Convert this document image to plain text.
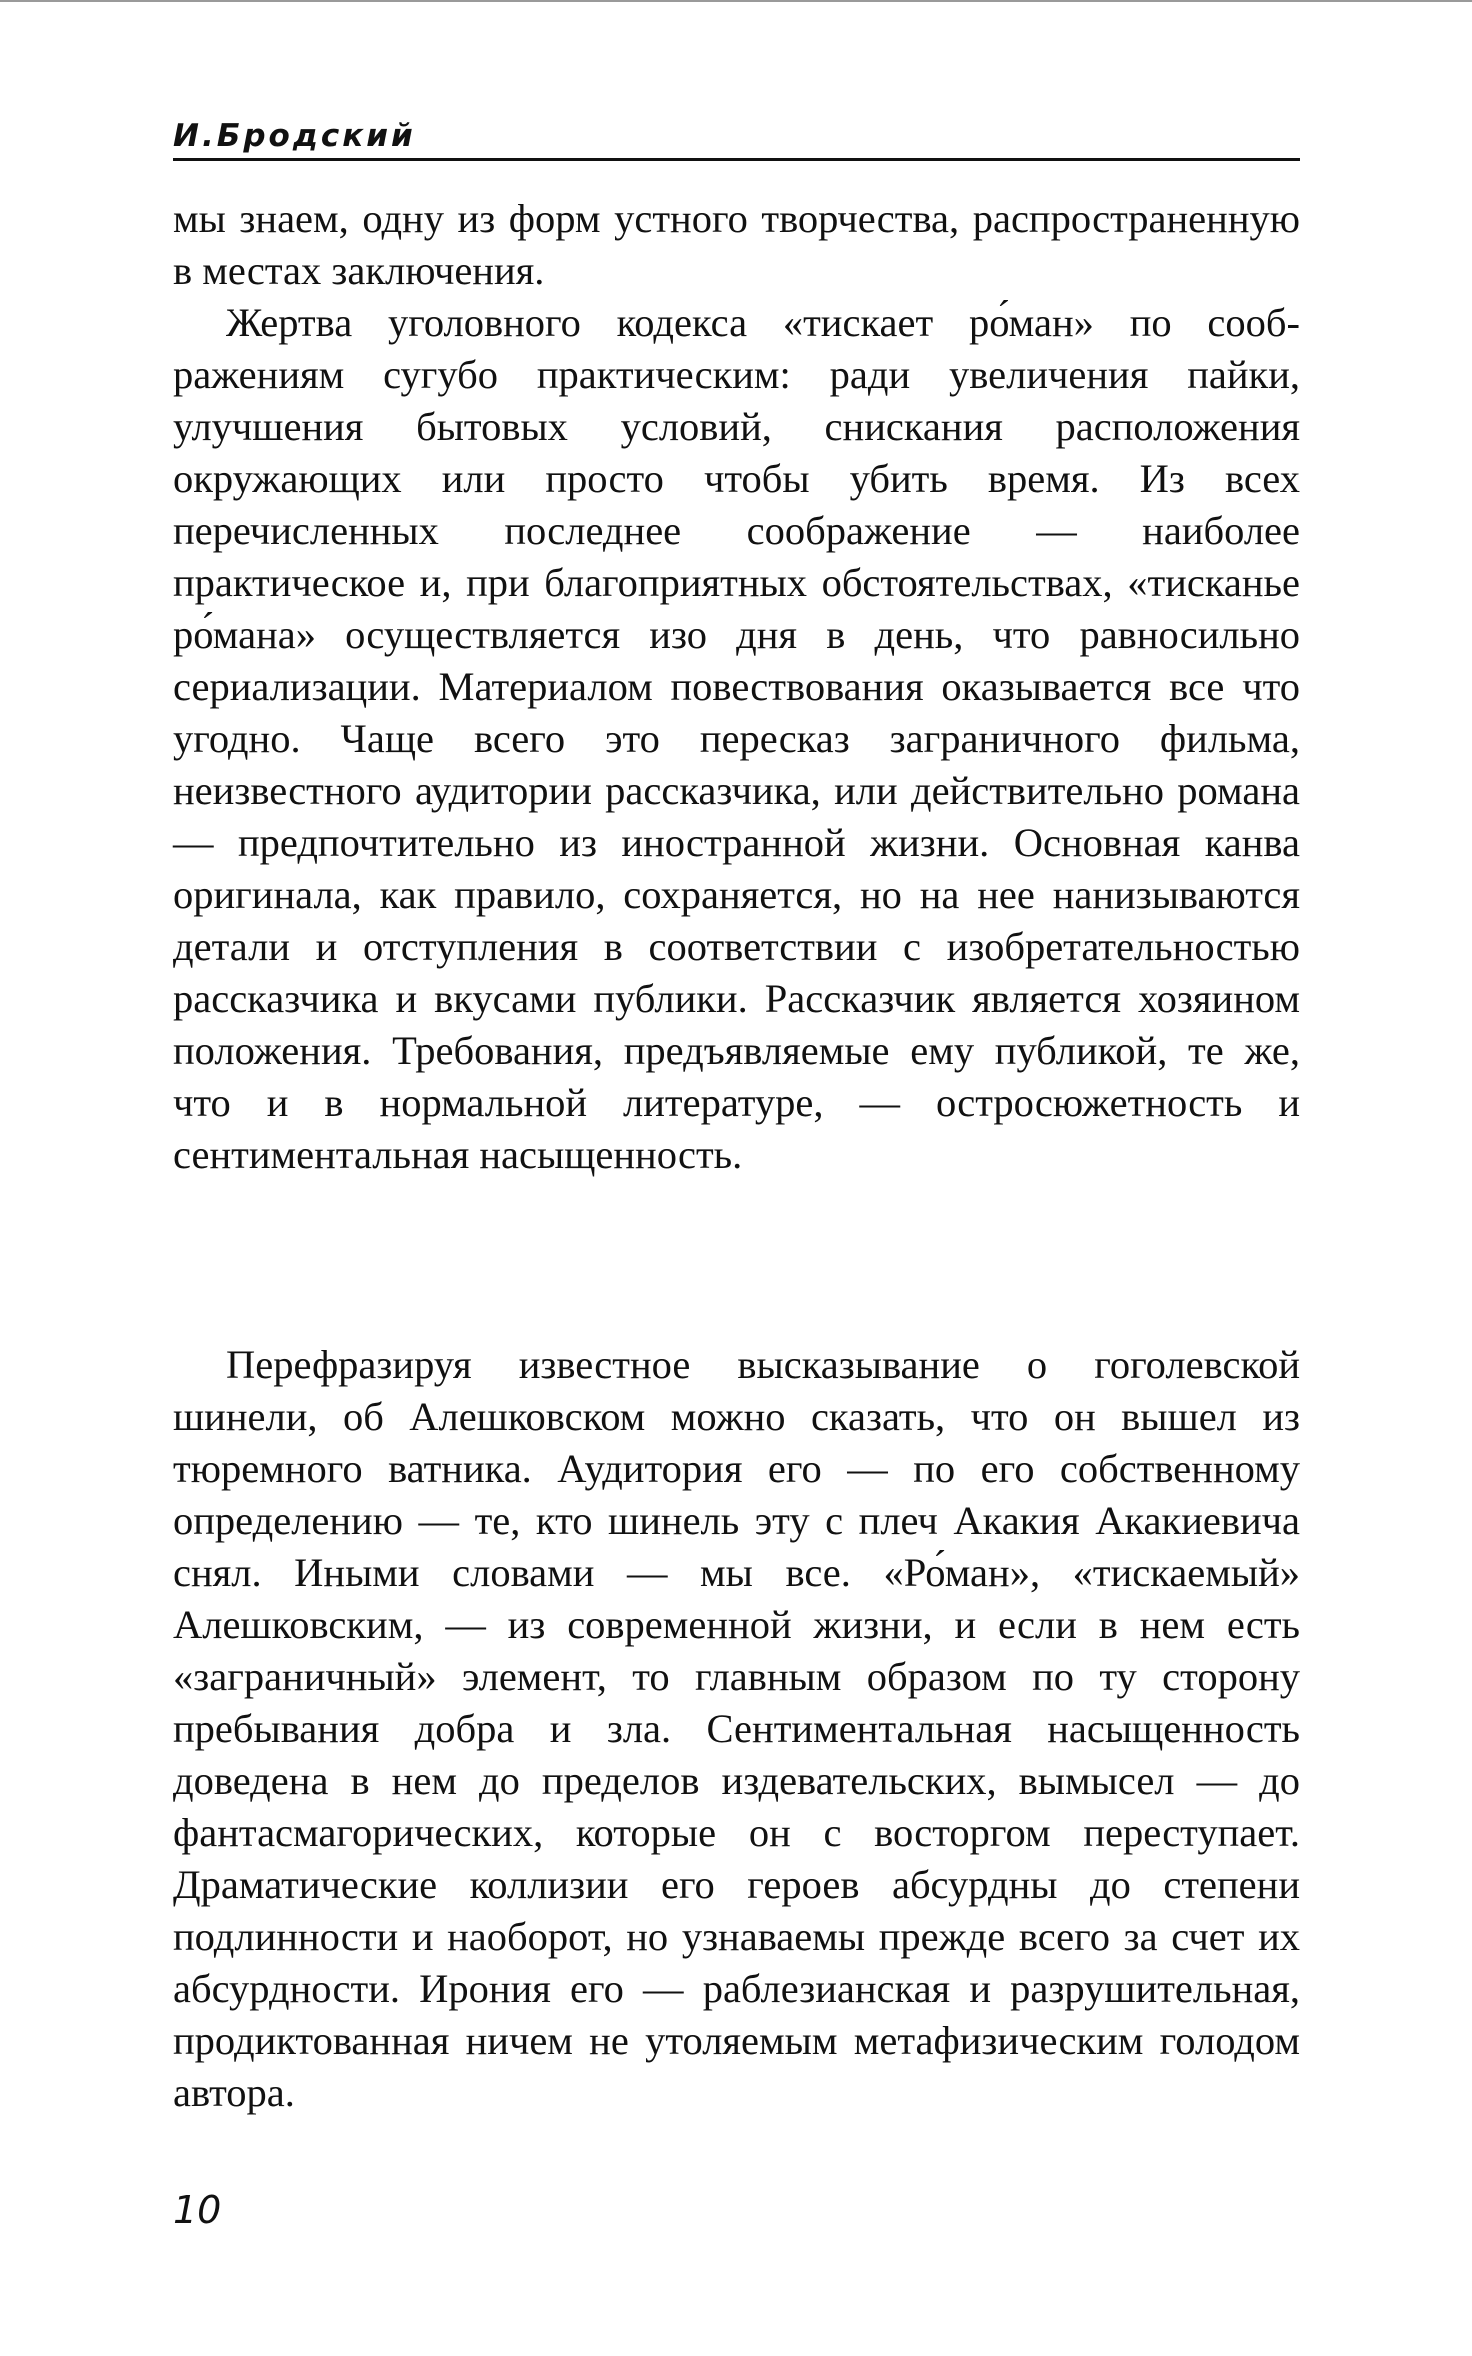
И.Бродский

мы знаем, одну из форм устного творчества, распространенную в местах заключения.

Жертва уголовного кодекса «тискает ро́ман» по соображениям сугубо практическим: ради увеличения пайки, улучшения бытовых условий, снискания расположения окружающих или просто чтобы убить время. Из всех перечисленных последнее соображение — наиболее практическое и, при благоприятных обстоятельствах, «тисканье ро́мана» осуществляется изо дня в день, что равносильно сериализации. Материалом повествования оказывается все что угодно. Чаще всего это пересказ заграничного фильма, неизвестного аудитории рассказчика, или действительно романа — предпочтительно из иностранной жизни. Основная канва оригинала, как правило, сохраняется, но на нее нанизываются детали и отступления в соответствии с изобретательностью рассказчика и вкусами публики. Рассказчик является хозяином положения. Требования, предъявляемые ему публикой, те же, что и в нормальной литературе, — остросюжетность и сентиментальная насыщенность.

Перефразируя известное высказывание о гоголевской шинели, об Алешковском можно сказать, что он вышел из тюремного ватника. Аудитория его — по его собственному определению — те, кто шинель эту с плеч Акакия Акакиевича снял. Иными словами — мы все. «Ро́ман», «тискаемый» Алешковским, — из современной жизни, и если в нем есть «заграничный» элемент, то главным образом по ту сторону пребывания добра и зла. Сентиментальная насыщенность доведена в нем до пределов издевательских, вымысел — до фантасмагорических, которые он с восторгом переступает. Драматические коллизии его героев абсурдны до степени подлинности и наоборот, но узнаваемы прежде всего за счет их абсурдности. Ирония его — раблезианская и разрушительная, продиктованная ничем не утоляемым метафизическим голодом автора.

10
